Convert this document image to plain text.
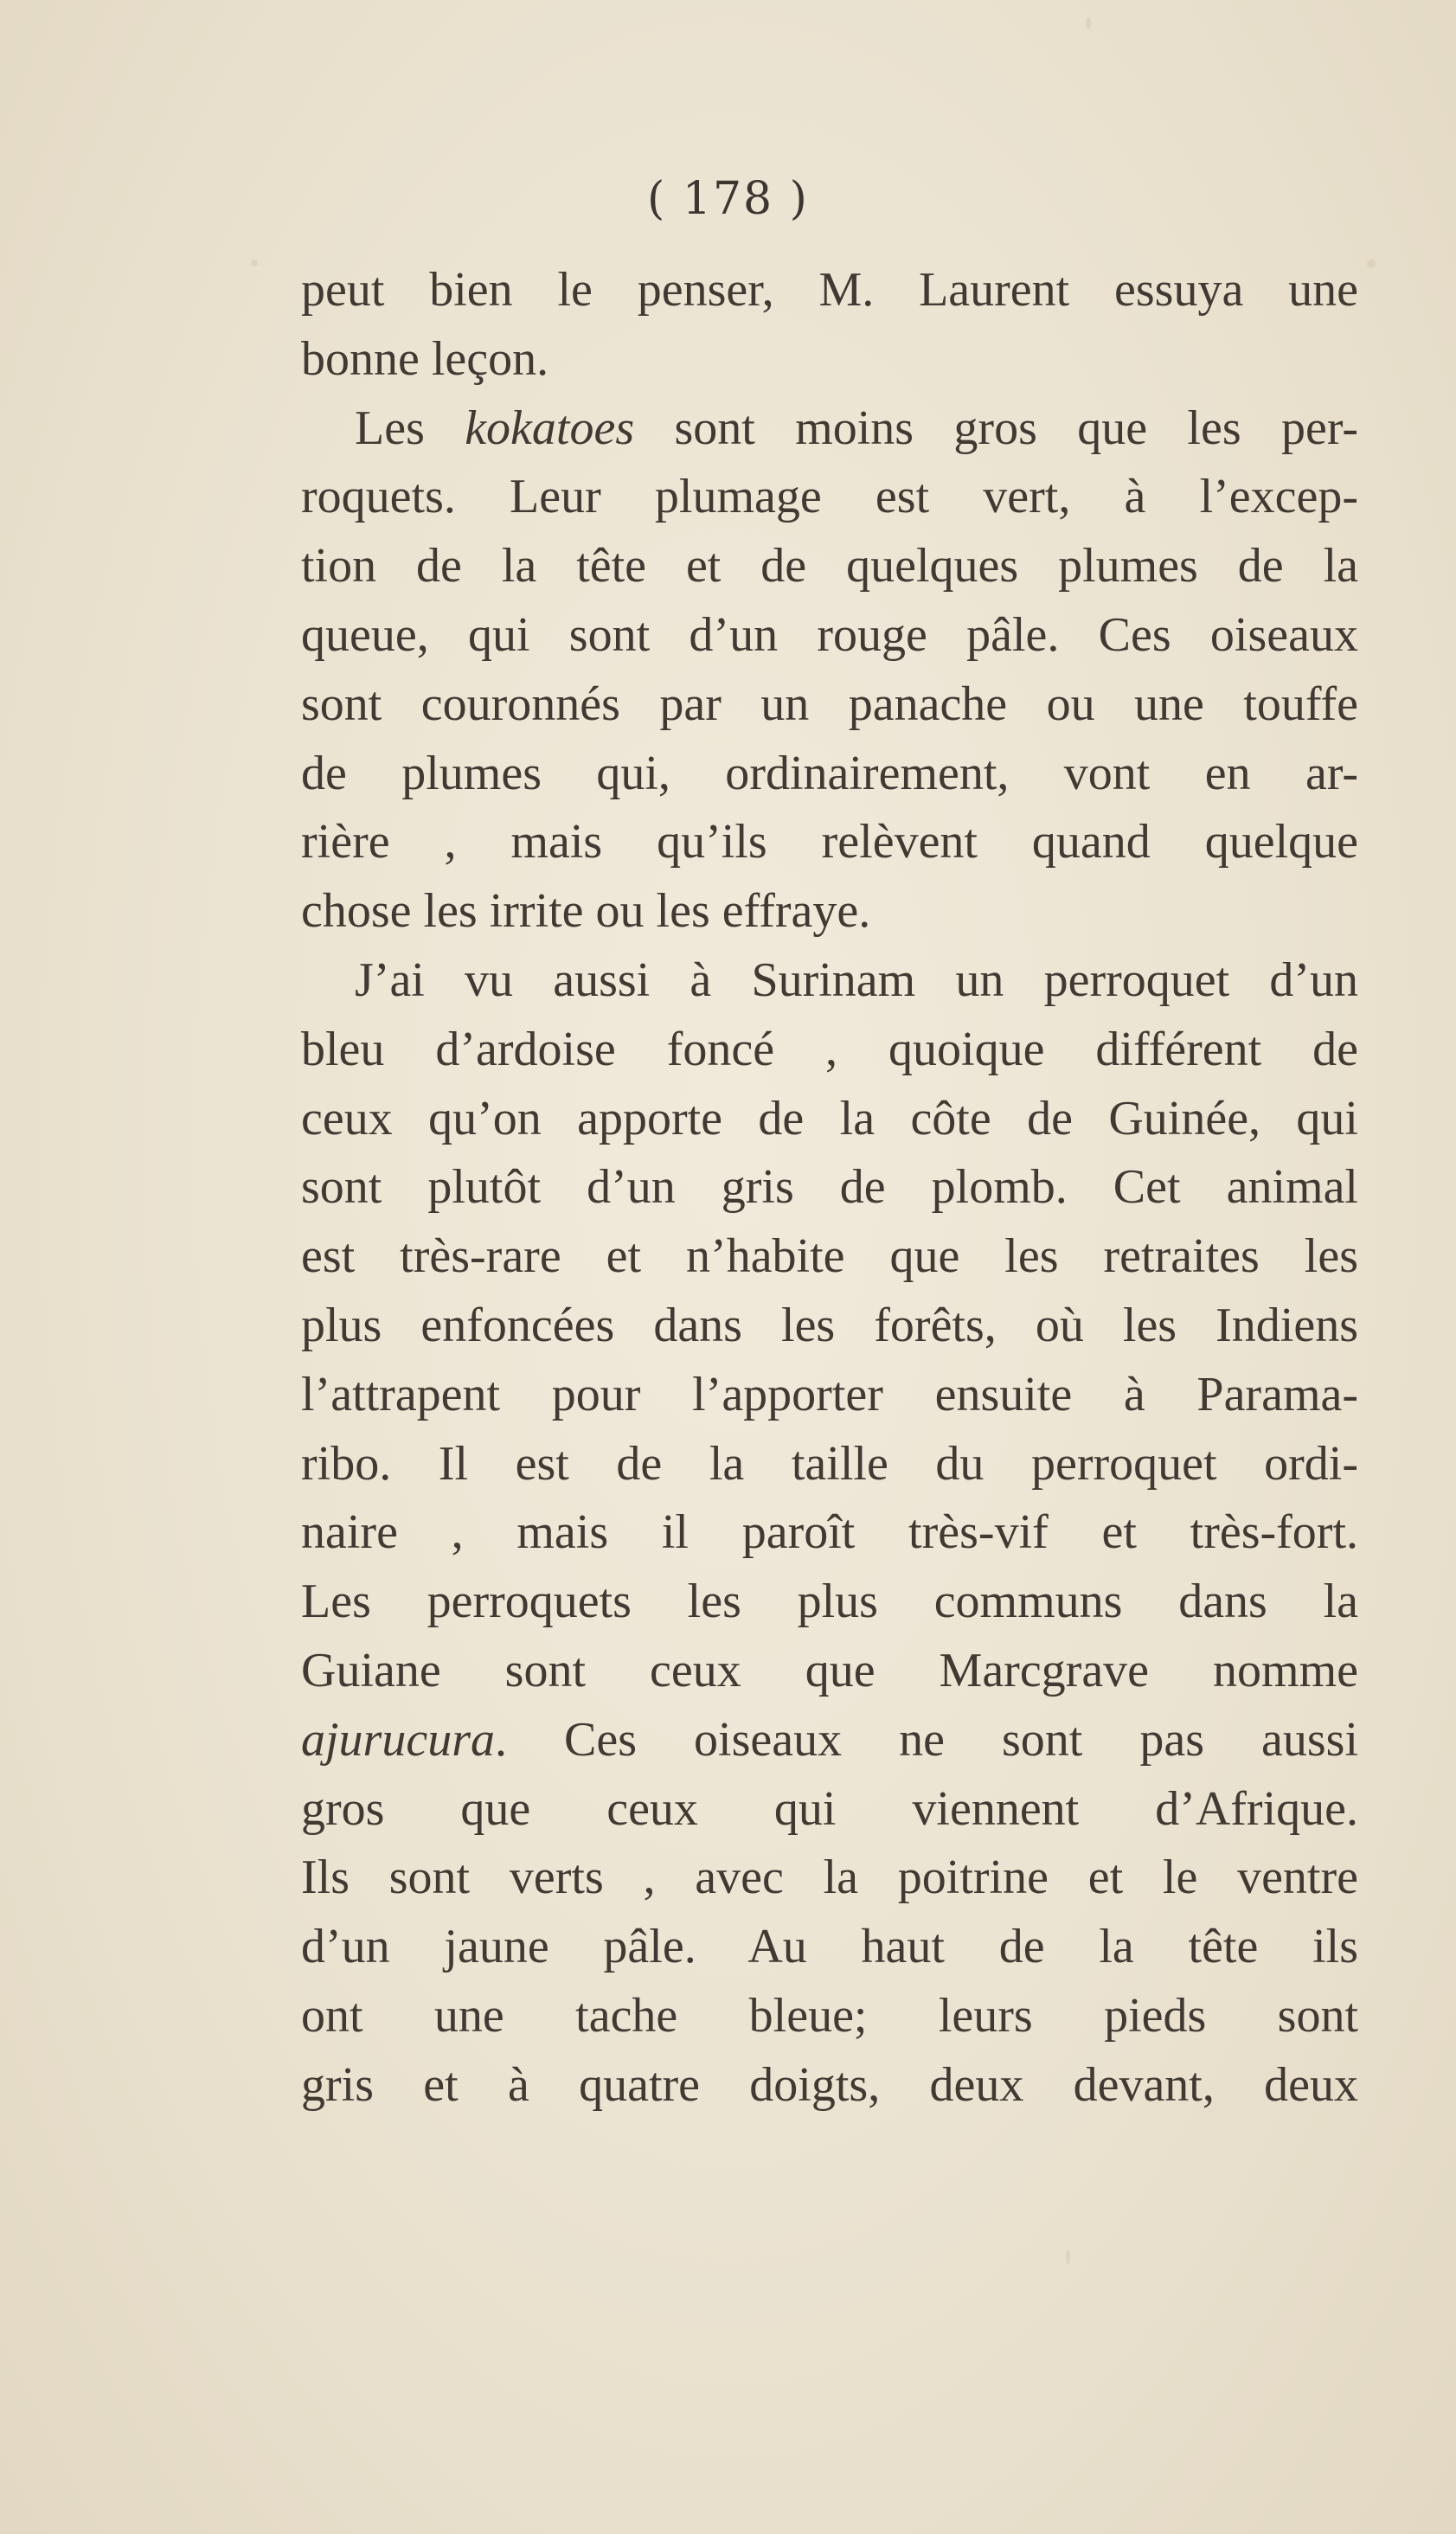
( 178 )
peut bien le penser, M. Laurent essuya une
bonne leçon.
Les kokatoes sont moins gros que les per-
roquets. Leur plumage est vert, à l’excep-
tion de la tête et de quelques plumes de la
queue, qui sont d’un rouge pâle. Ces oiseaux
sont couronnés par un panache ou une touffe
de plumes qui, ordinairement, vont en ar-
rière , mais qu’ils relèvent quand quelque
chose les irrite ou les effraye.
J’ai vu aussi à Surinam un perroquet d’un
bleu d’ardoise foncé , quoique différent de
ceux qu’on apporte de la côte de Guinée, qui
sont plutôt d’un gris de plomb. Cet animal
est très-rare et n’habite que les retraites les
plus enfoncées dans les forêts, où les Indiens
l’attrapent pour l’apporter ensuite à Parama-
ribo. Il est de la taille du perroquet ordi-
naire , mais il paroît très-vif et très-fort.
Les perroquets les plus communs dans la
Guiane sont ceux que Marcgrave nomme
ajurucura. Ces oiseaux ne sont pas aussi
gros que ceux qui viennent d’Afrique.
Ils sont verts , avec la poitrine et le ventre
d’un jaune pâle. Au haut de la tête ils
ont une tache bleue; leurs pieds sont
gris et à quatre doigts, deux devant, deux
